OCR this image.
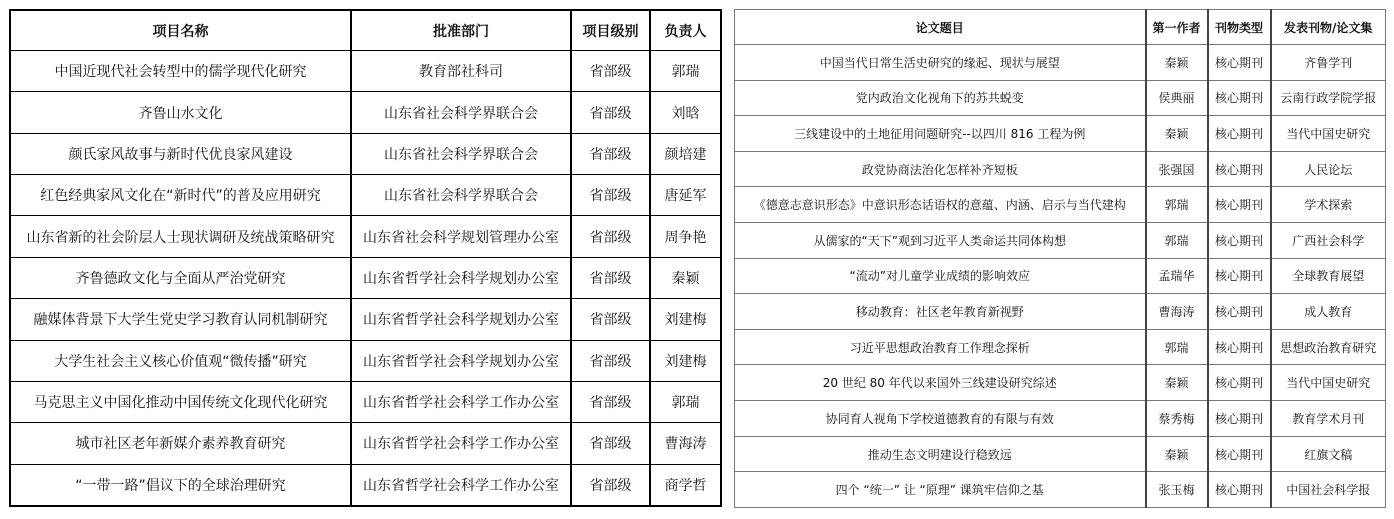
项目名称	批准部门	项目级别	负责人
中国近现代社会转型中的儒学现代化研究	教育部社科司	省部级	郭瑞
齐鲁山水文化	山东省社会科学界联合会	省部级	刘晗
颜氏家风故事与新时代优良家风建设	山东省社会科学界联合会	省部级	颜培建
红色经典家风文化在“新时代”的普及应用研究	山东省社会科学界联合会	省部级	唐延军
山东省新的社会阶层人士现状调研及统战策略研究	山东省社会科学规划管理办公室	省部级	周争艳
齐鲁德政文化与全面从严治党研究	山东省哲学社会科学规划办公室	省部级	秦颖
融媒体背景下大学生党史学习教育认同机制研究	山东省哲学社会科学规划办公室	省部级	刘建梅
大学生社会主义核心价值观“微传播”研究	山东省哲学社会科学规划办公室	省部级	刘建梅
马克思主义中国化推动中国传统文化现代化研究	山东省哲学社会科学工作办公室	省部级	郭瑞
城市社区老年新媒介素养教育研究	山东省哲学社会科学工作办公室	省部级	曹海涛
“一带一路”倡议下的全球治理研究	山东省哲学社会科学工作办公室	省部级	商学哲
论文题目	第一作者	刊物类型	发表刊物/论文集
中国当代日常生活史研究的缘起、现状与展望	秦颖	核心期刊	齐鲁学刊
党内政治文化视角下的苏共蜕变	侯典丽	核心期刊	云南行政学院学报
三线建设中的土地征用问题研究--以四川 816 工程为例	秦颖	核心期刊	当代中国史研究
政党协商法治化怎样补齐短板	张强国	核心期刊	人民论坛
《德意志意识形态》中意识形态话语权的意蕴、内涵、启示与当代建构	郭瑞	核心期刊	学术探索
从儒家的“天下”观到习近平人类命运共同体构想	郭瑞	核心期刊	广西社会科学
“流动”对儿童学业成绩的影响效应	孟瑞华	核心期刊	全球教育展望
移动教育：社区老年教育新视野	曹海涛	核心期刊	成人教育
习近平思想政治教育工作理念探析	郭瑞	核心期刊	思想政治教育研究
20 世纪 80 年代以来国外三线建设研究综述	秦颖	核心期刊	当代中国史研究
协同育人视角下学校道德教育的有限与有效	蔡秀梅	核心期刊	教育学术月刊
推动生态文明建设行稳致远	秦颖	核心期刊	红旗文稿
四个 “统一” 让 “原理” 课筑牢信仰之基	张玉梅	核心期刊	中国社会科学报
